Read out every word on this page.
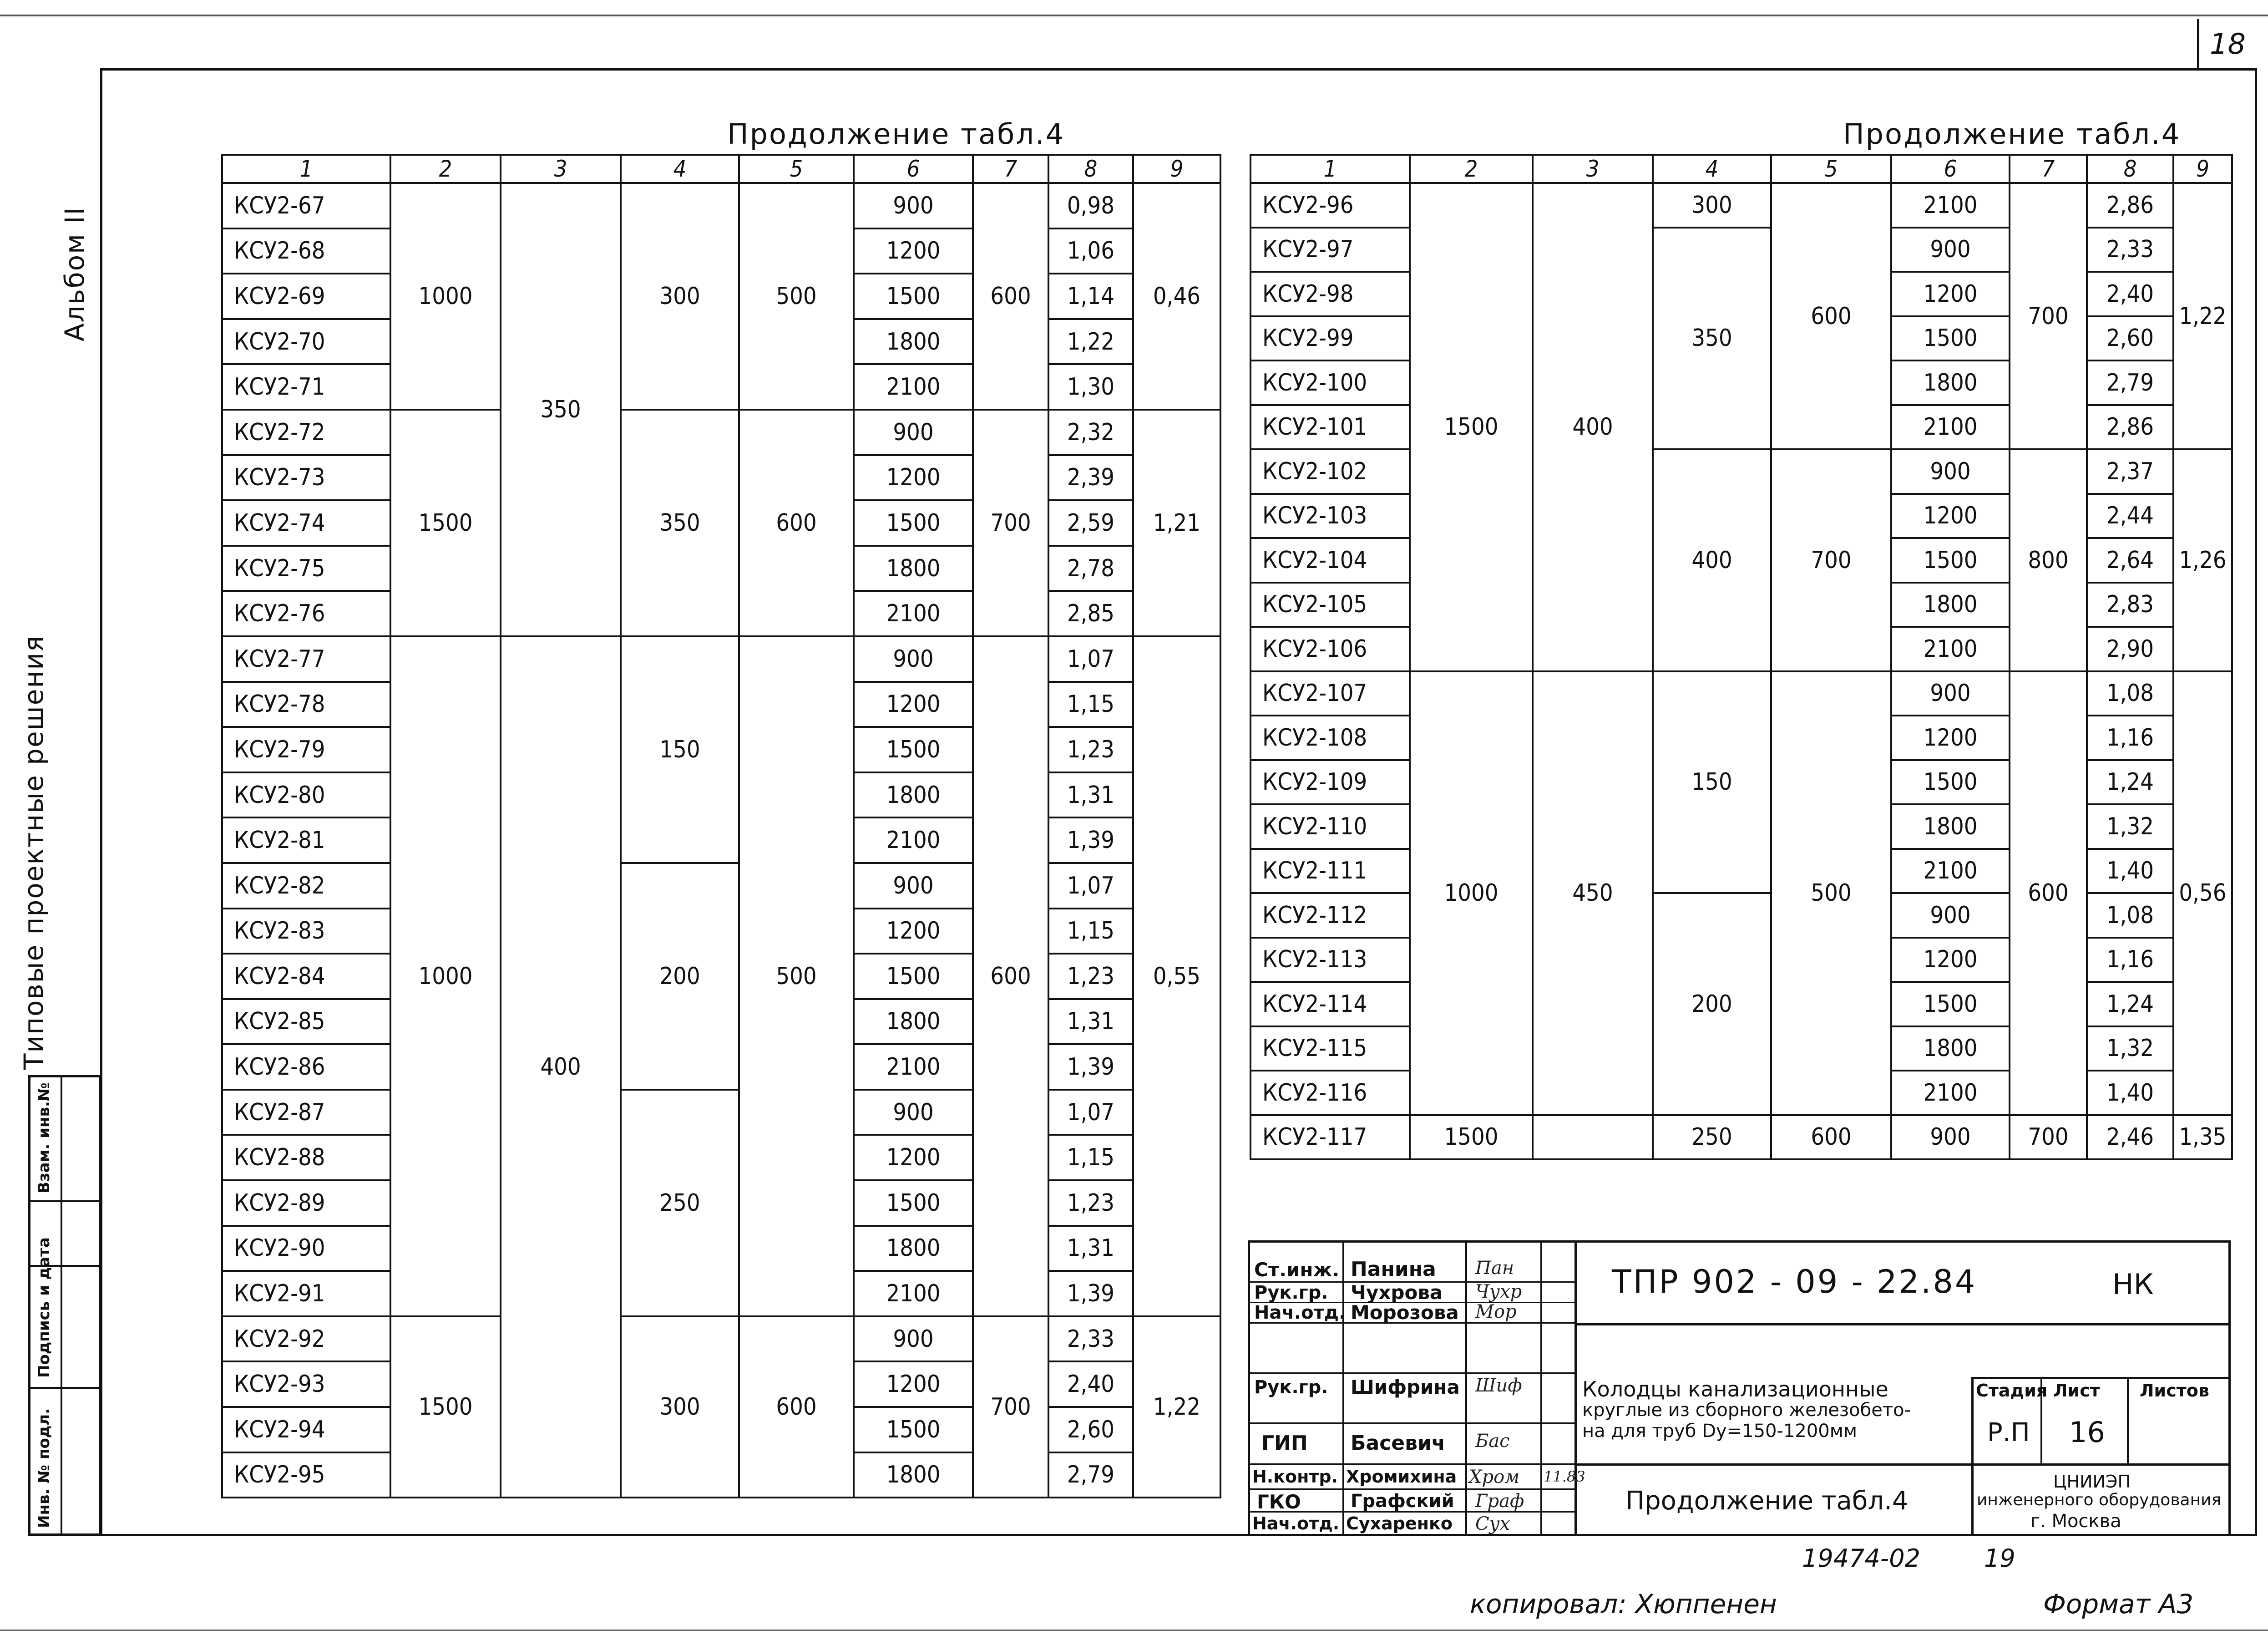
18
Альбом II
Типовые проектные решения
Инв. № подл.
Подпись и дата
Взам. инв.№
Продолжение табл.4	Продолжение табл.4
1	2	3	4	5	6	7	8	9
КСУ2-67	1000	350	300	500	900	600	0,98	0,46
КСУ2-68					1200		1,06	
КСУ2-69					1500		1,14	
КСУ2-70					1800		1,22	
КСУ2-71					2100		1,30	
КСУ2-72	1500		350	600	900	700	2,32	1,21
КСУ2-73					1200		2,39	
КСУ2-74					1500		2,59	
КСУ2-75					1800		2,78	
КСУ2-76					2100		2,85	
КСУ2-77	1000	400	150	500	900	600	1,07	0,55
КСУ2-78					1200		1,15	
КСУ2-79					1500		1,23	
КСУ2-80					1800		1,31	
КСУ2-81					2100		1,39	
КСУ2-82			200		900		1,07	
КСУ2-83					1200		1,15	
КСУ2-84					1500		1,23	
КСУ2-85					1800		1,31	
КСУ2-86					2100		1,39	
КСУ2-87			250		900		1,07	
КСУ2-88					1200		1,15	
КСУ2-89					1500		1,23	
КСУ2-90					1800		1,31	
КСУ2-91					2100		1,39	
КСУ2-92	1500		300	600	900	700	2,33	1,22
КСУ2-93					1200		2,40	
КСУ2-94					1500		2,60	
КСУ2-95					1800		2,79	
1	2	3	4	5	6	7	8	9
КСУ2-96	1500	400	300	600	2100	700	2,86	1,22
КСУ2-97			350		900		2,33	
КСУ2-98					1200		2,40	
КСУ2-99					1500		2,60	
КСУ2-100					1800		2,79	
КСУ2-101					2100		2,86	
КСУ2-102			400	700	900	800	2,37	1,26
КСУ2-103					1200		2,44	
КСУ2-104					1500		2,64	
КСУ2-105					1800		2,83	
КСУ2-106					2100		2,90	
КСУ2-107	1000	450	150	500	900	600	1,08	0,56
КСУ2-108					1200		1,16	
КСУ2-109					1500		1,24	
КСУ2-110					1800		1,32	
КСУ2-111					2100		1,40	
КСУ2-112			200		900		1,08	
КСУ2-113					1200		1,16	
КСУ2-114					1500		1,24	
КСУ2-115					1800		1,32	
КСУ2-116					2100		1,40	
КСУ2-117	1500		250	600	900	700	2,46	1,35
Ст.инж. Панина Пан
Рук.гр. Чухрова Чухр
Нач.отд. Морозова Мор
Рук.гр. Шифрина Шиф
ГИП Басевич Бас
Н.контр. Хромихина Хром 11.83
ГКО	Графский Граф
Нач.отд. Сухаренко Сух
ТПР 902 - 09 - 22.84	НК
Колодцы канализационные
круглые из сборного железобето-
на для труб Dу=150-1200мм
Стадия Лист Листов
Р.П 16
Продолжение табл.4
ЦНИИЭП
инженерного оборудования
г. Москва
19474-02	19
копировал: Хюппенен	Формат А3
